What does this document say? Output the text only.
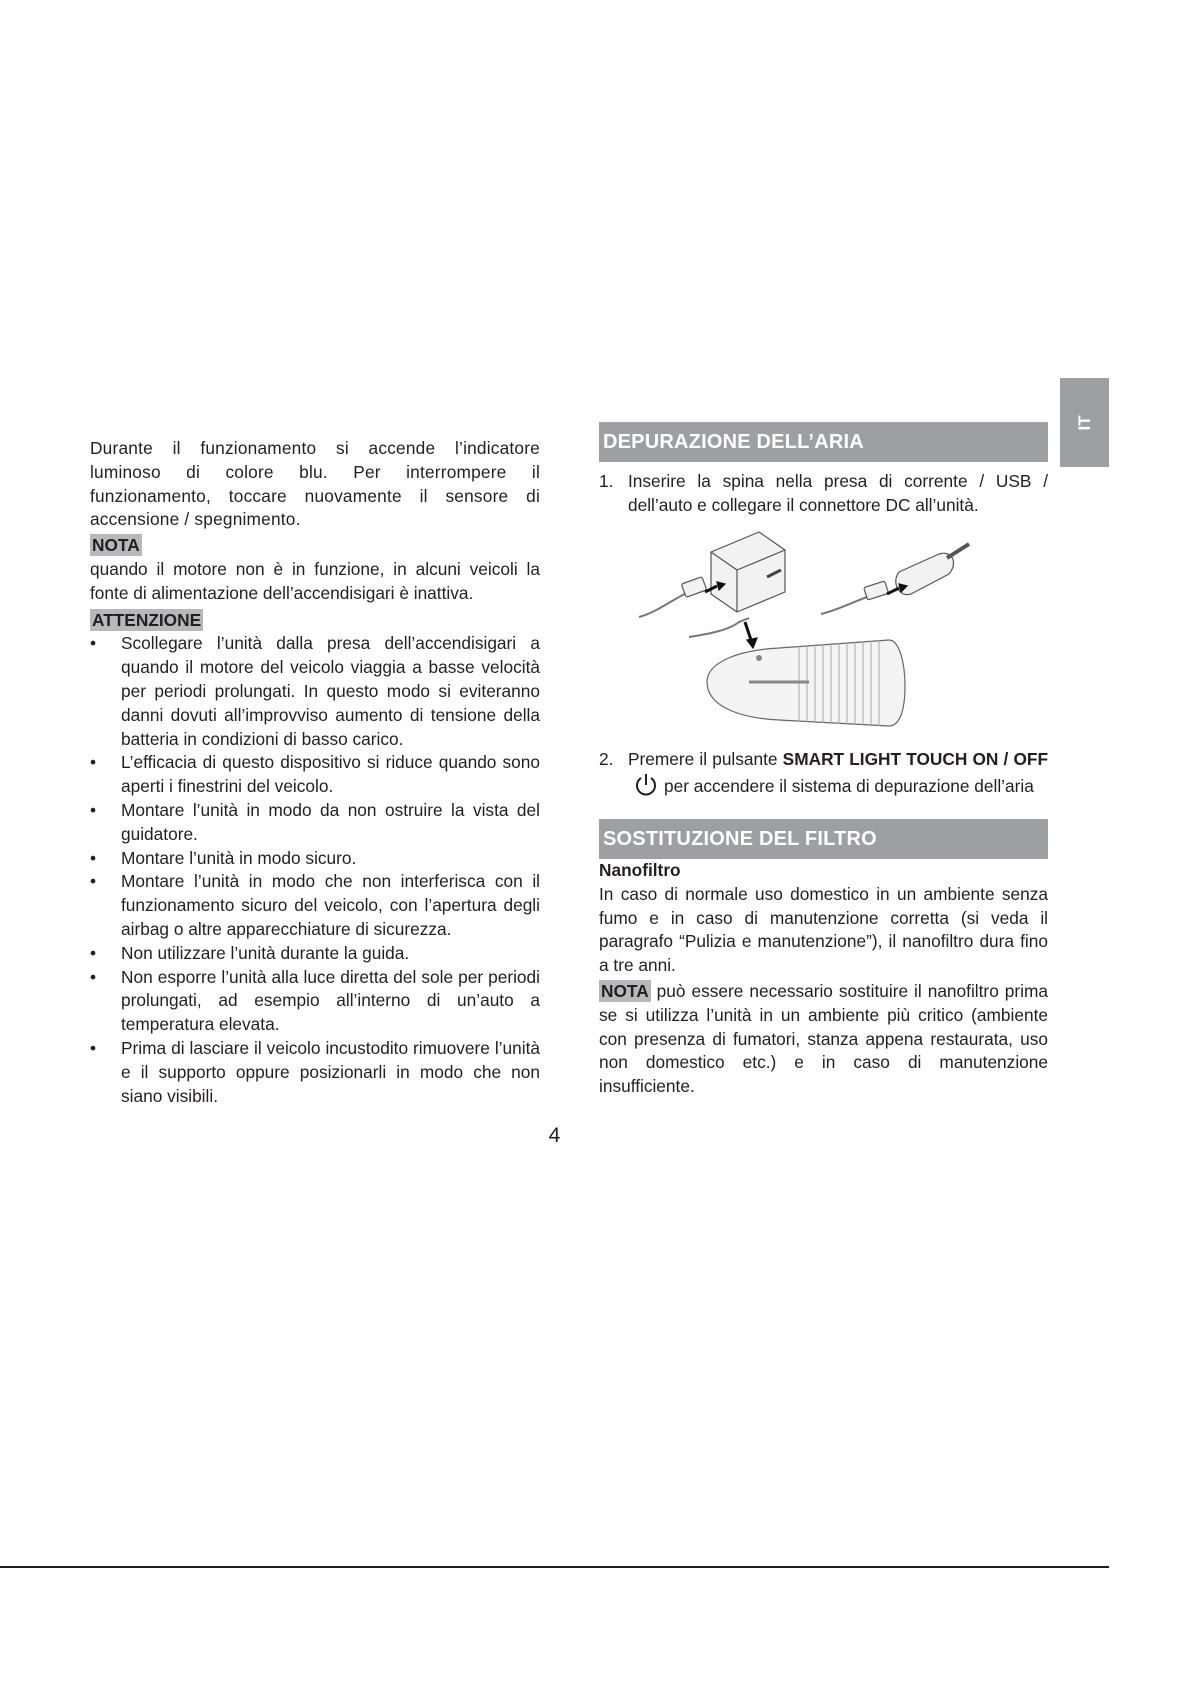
IT

Durante il funzionamento si accende l’indicatore luminoso di colore blu. Per interrompere il funzionamento, toccare nuovamente il sensore di accensione / spegnimento.

NOTA

quando il motore non è in funzione, in alcuni veicoli la fonte di alimentazione dell’accendisigari è inattiva.

ATTENZIONE
• Scollegare l’unità dalla presa dell’accendisigari a quando il motore del veicolo viaggia a basse velocità per periodi prolungati. In questo modo si eviteranno danni dovuti all’improvviso aumento di tensione della batteria in condizioni di basso carico.
• L’efficacia di questo dispositivo si riduce quando sono aperti i finestrini del veicolo.
• Montare l’unità in modo da non ostruire la vista del guidatore.
• Montare l’unità in modo sicuro.
• Montare l’unità in modo che non interferisca con il funzionamento sicuro del veicolo, con l’apertura degli airbag o altre apparecchiature di sicurezza.
• Non utilizzare l’unità durante la guida.
• Non esporre l’unità alla luce diretta del sole per periodi prolungati, ad esempio all’interno di un’auto a temperatura elevata.
• Prima di lasciare il veicolo incustodito rimuovere l’unità e il supporto oppure posizionarli in modo che non siano visibili.
DEPURAZIONE DELL’ARIA
1. Inserire la spina nella presa di corrente / USB / dell’auto e collegare il connettore DC all’unità.
2. Premere il pulsante SMART LIGHT TOUCH ON / OFFper accendere il sistema di depurazione dell’aria
SOSTITUZIONE DEL FILTRO

Nanofiltro

In caso di normale uso domestico in un ambiente senza fumo e in caso di manutenzione corretta (si veda il paragrafo “Pulizia e manutenzione”), il nanofiltro dura fino a tre anni.

NOTA può essere necessario sostituire il nanofiltro prima se si utilizza l’unità in un ambiente più critico (ambiente con presenza di fumatori, stanza appena restaurata, uso non domestico etc.) e in caso di manutenzione insufficiente.

4
